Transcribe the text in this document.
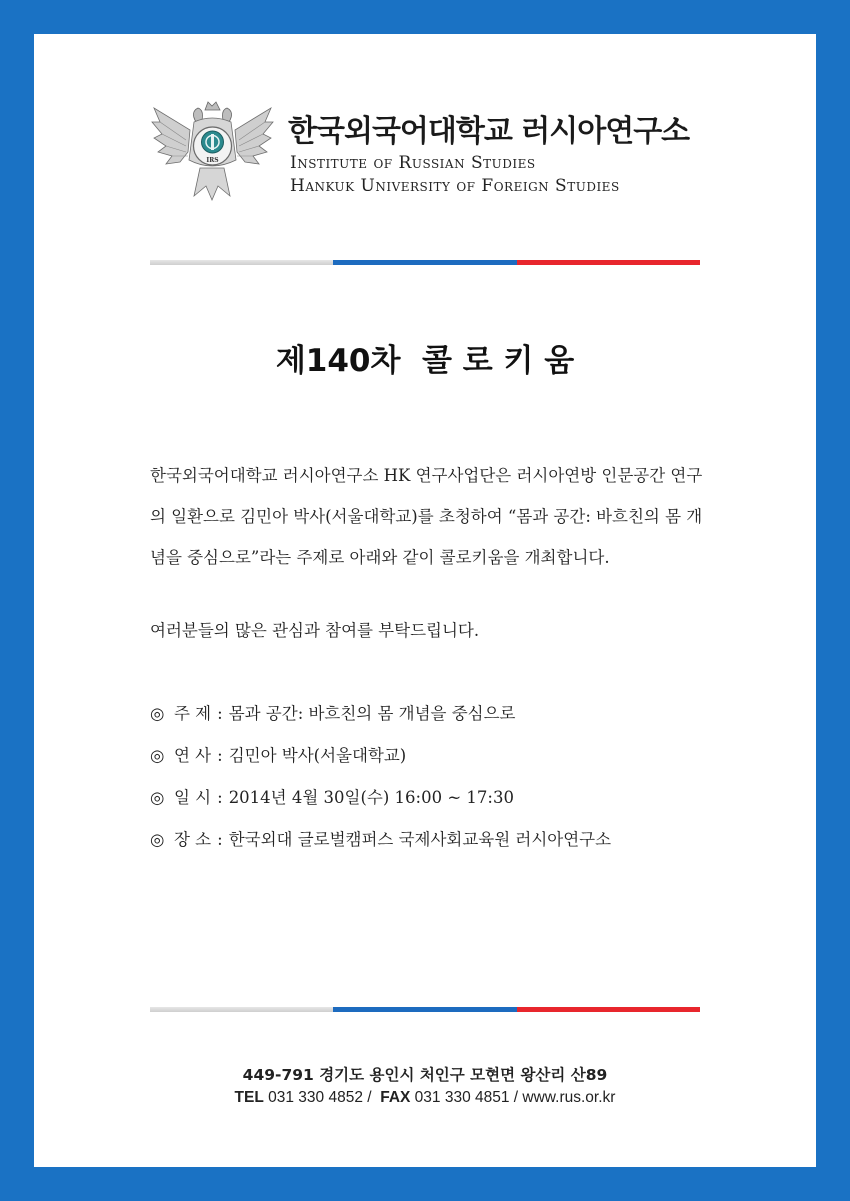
IRS
한국외국어대학교 러시아연구소
Institute of Russian Studies
Hankuk University of Foreign Studies
제140차  콜 로 키 움
한국외국어대학교 러시아연구소 HK 연구사업단은 러시아연방 인문공간 연구의 일환으로 김민아 박사(서울대학교)를 초청하여 “몸과 공간: 바흐친의 몸 개념을 중심으로”라는 주제로 아래와 같이 콜로키움을 개최합니다.
여러분들의 많은 관심과 참여를 부탁드립니다.
◎ 주 제 : 몸과 공간: 바흐친의 몸 개념을 중심으로
◎ 연 사 : 김민아 박사(서울대학교)
◎ 일 시 : 2014년 4월 30일(수) 16:00 ~ 17:30
◎ 장 소 : 한국외대 글로벌캠퍼스 국제사회교육원 러시아연구소
449-791 경기도 용인시 처인구 모현면 왕산리 산89
TEL 031 330 4852 /  FAX 031 330 4851 / www.rus.or.kr
